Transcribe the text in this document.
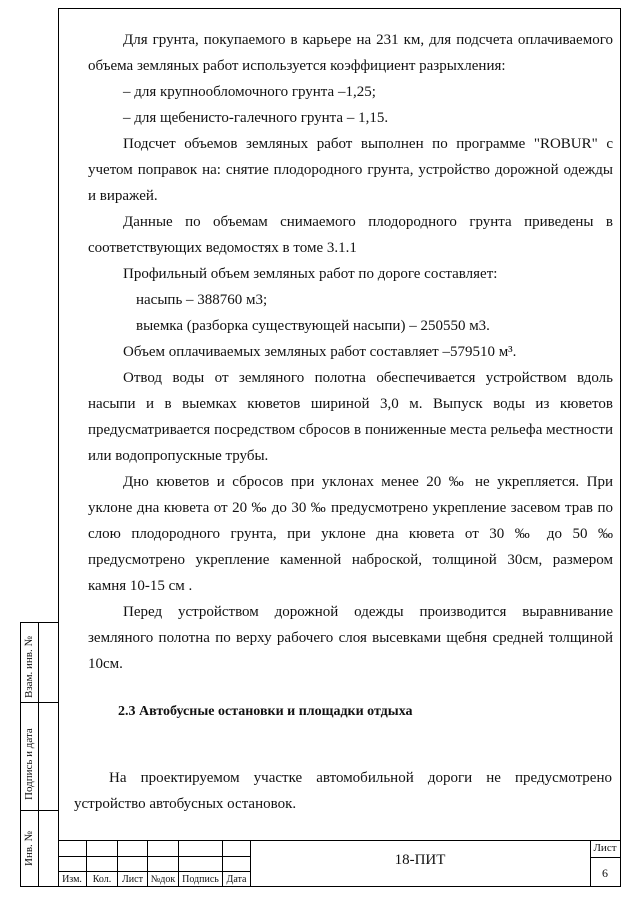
Взам. инв. №
Подпись и дата
Инв. №

Для грунта, покупаемого в карьере на 231 км, для подсчета оплачиваемого объема земляных работ используется коэффициент разрыхления:

– для крупнообломочного грунта –1,25;
– для щебенисто-галечного грунта – 1,15.

Подсчет объемов земляных работ выполнен по программе "ROBUR" с учетом поправок на: снятие плодородного грунта, устройство дорожной одежды и виражей.

Данные по объемам снимаемого плодородного грунта приведены в соответствующих ведомостях в томе 3.1.1

Профильный объем земляных работ по дороге составляет:
насыпь – 388760 м3;
выемка (разборка существующей насыпи) – 250550 м3.
Объем оплачиваемых земляных работ составляет –579510 м³.

Отвод воды от земляного полотна обеспечивается устройством вдоль насыпи и в выемках кюветов шириной 3,0 м. Выпуск воды из кюветов предусматривается посредством сбросов в пониженные места рельефа местности или водопропускные трубы.

Дно кюветов и сбросов при уклонах менее 20 ‰ не укрепляется. При уклоне дна кювета от 20 ‰ до 30 ‰ предусмотрено укрепление засевом трав по слою плодородного грунта, при уклоне дна кювета от 30 ‰ до 50 ‰ предусмотрено укрепление каменной наброской, толщиной 30см, размером камня 10-15 см .

Перед устройством дорожной одежды производится выравнивание земляного полотна по верху рабочего слоя высевками щебня средней толщиной 10см.

2.3 Автобусные остановки и площадки отдыха

На проектируемом участке автомобильной дороги не предусмотрено устройство автобусных остановок.

Изм.	Кол.	Лист №док Подпись Дата
18-ПИТ
Лист
6
